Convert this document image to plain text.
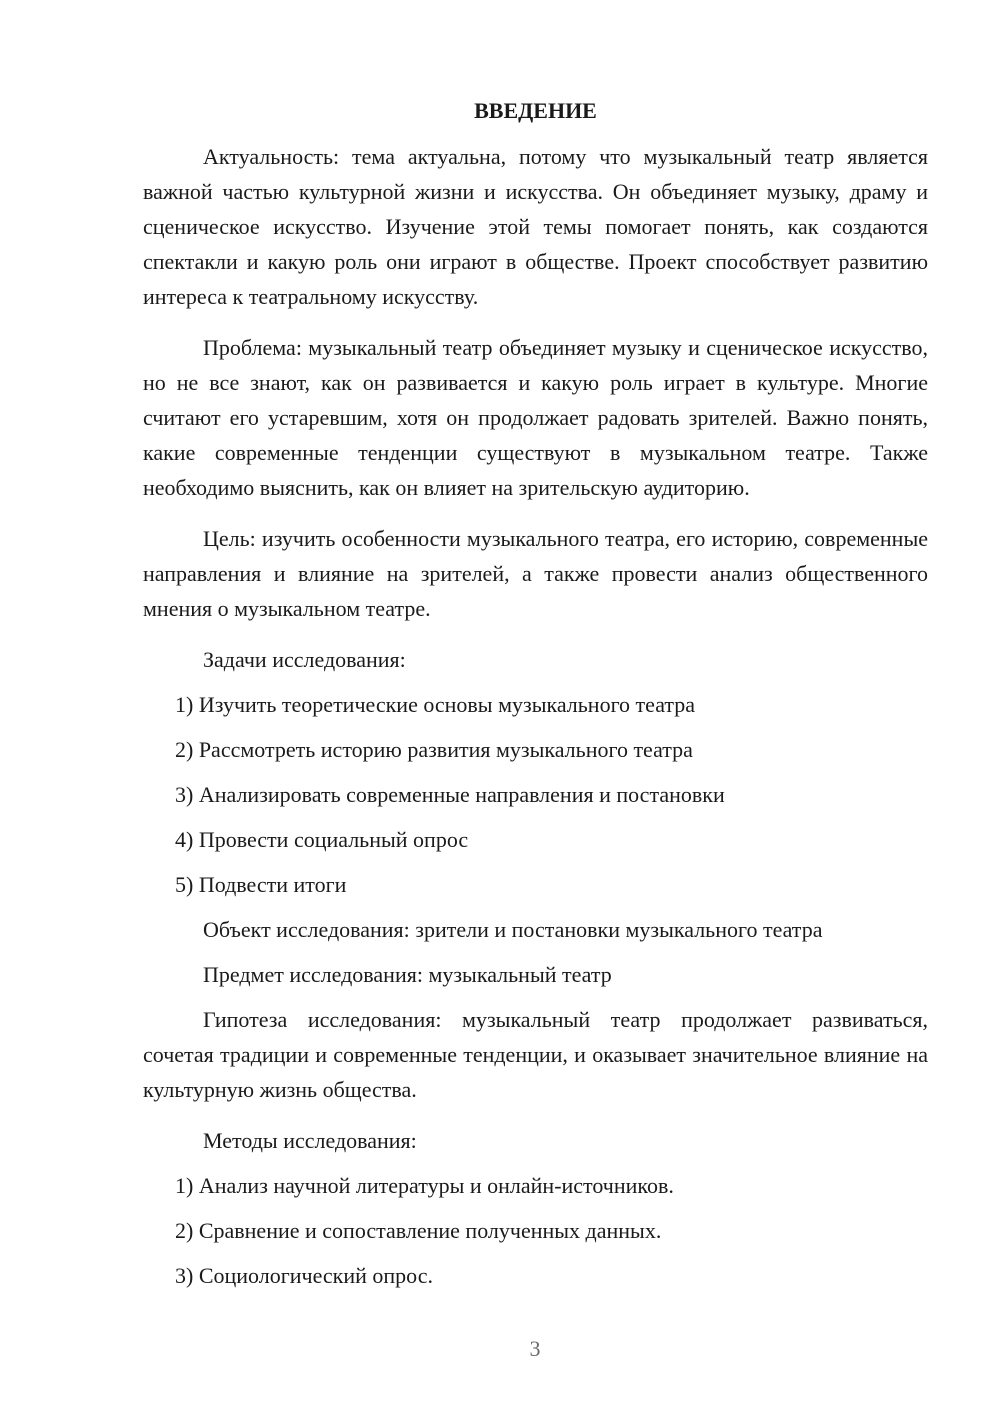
ВВЕДЕНИЕ

Актуальность: тема актуальна, потому что музыкальный театр является важной частью культурной жизни и искусства. Он объединяет музыку, драму и сценическое искусство. Изучение этой темы помогает понять, как создаются спектакли и какую роль они играют в обществе. Проект способствует развитию интереса к театральному искусству.

Проблема: музыкальный театр объединяет музыку и сценическое искусство, но не все знают, как он развивается и какую роль играет в культуре. Многие считают его устаревшим, хотя он продолжает радовать зрителей. Важно понять, какие современные тенденции существуют в музыкальном театре. Также необходимо выяснить, как он влияет на зрительскую аудиторию.

Цель: изучить особенности музыкального театра, его историю, современные направления и влияние на зрителей, а также провести анализ общественного мнения о музыкальном театре.

Задачи исследования:
1) Изучить теоретические основы музыкального театра
2) Рассмотреть историю развития музыкального театра
3) Анализировать современные направления и постановки
4) Провести социальный опрос
5) Подвести итоги
Объект исследования: зрители и постановки музыкального театра
Предмет исследования: музыкальный театр

Гипотеза исследования: музыкальный театр продолжает развиваться, сочетая традиции и современные тенденции, и оказывает значительное влияние на культурную жизнь общества.

Методы исследования:
1) Анализ научной литературы и онлайн-источников.
2) Сравнение и сопоставление полученных данных.
3) Социологический опрос.
3
